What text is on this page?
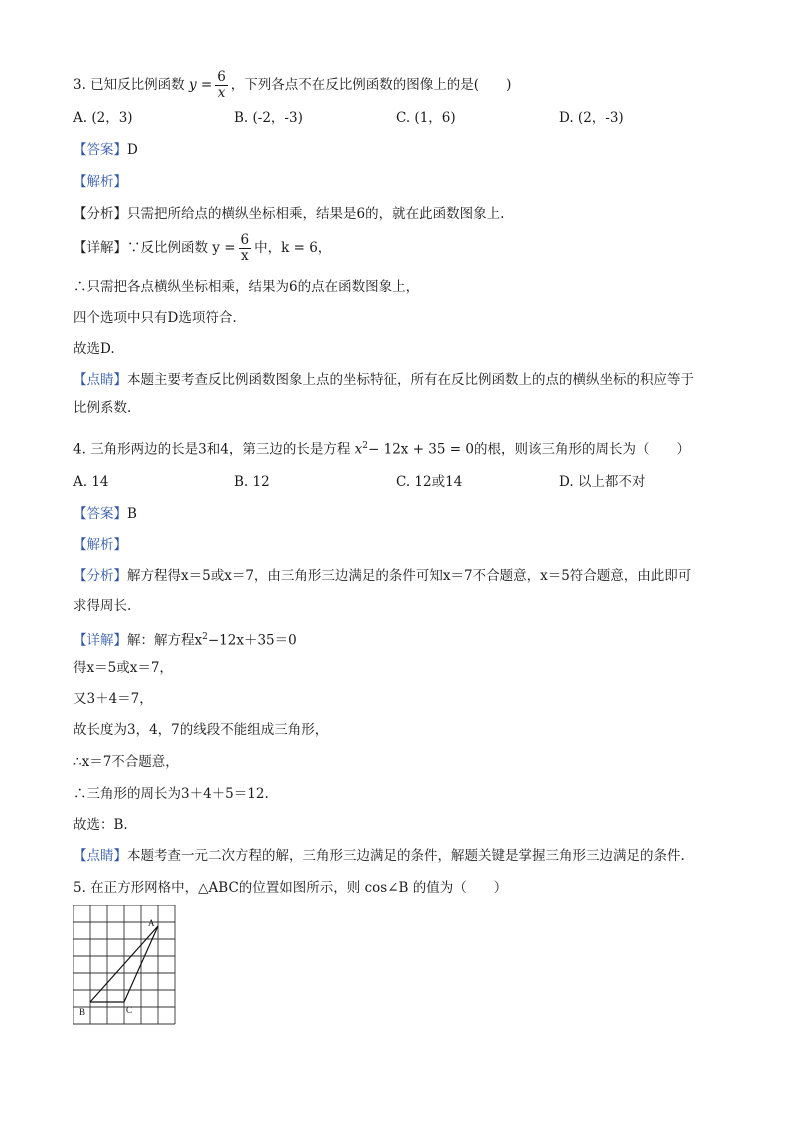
3. 已知反比例函数 $y = \frac{6}{x}$ ，下列各点不在反比例函数的图像上的是(　　)
A. (2，3)	B. (-2，-3)	C. (1，6)	D. (2，-3)
【答案】D
【解析】
【分析】只需把所给点的横纵坐标相乘，结果是6的，就在此函数图象上.
【详解】∵反比例函数 $y = \frac{6}{x}$ 中，k = 6，
∴只需把各点横纵坐标相乘，结果为6的点在函数图象上，
四个选项中只有D选项符合.
故选D.
【点睛】本题主要考查反比例函数图象上点的坐标特征，所有在反比例函数上的点的横纵坐标的积应等于
比例系数.
4. 三角形两边的长是3和4，第三边的长是方程 $x^2- 12x + 35 = 0$的根，则该三角形的周长为（　　）
A. 14	B. 12	C. 12或14	D. 以上都不对
【答案】B
【解析】
【分析】解方程得x＝5或x＝7，由三角形三边满足的条件可知x＝7不合题意，x＝5符合题意，由此即可
求得周长.
【详解】解：解方程$x^2-12x+35=0$
得x＝5或x＝7，
又3＋4＝7，
故长度为3，4，7的线段不能组成三角形，
∴x＝7不合题意，
∴三角形的周长为3＋4＋5＝12.
故选：B.
【点睛】本题考查一元二次方程的解，三角形三边满足的条件，解题关键是掌握三角形三边满足的条件.
5. 在正方形网格中，△ABC的位置如图所示，则 cos∠B 的值为（　　）
A
B	C
